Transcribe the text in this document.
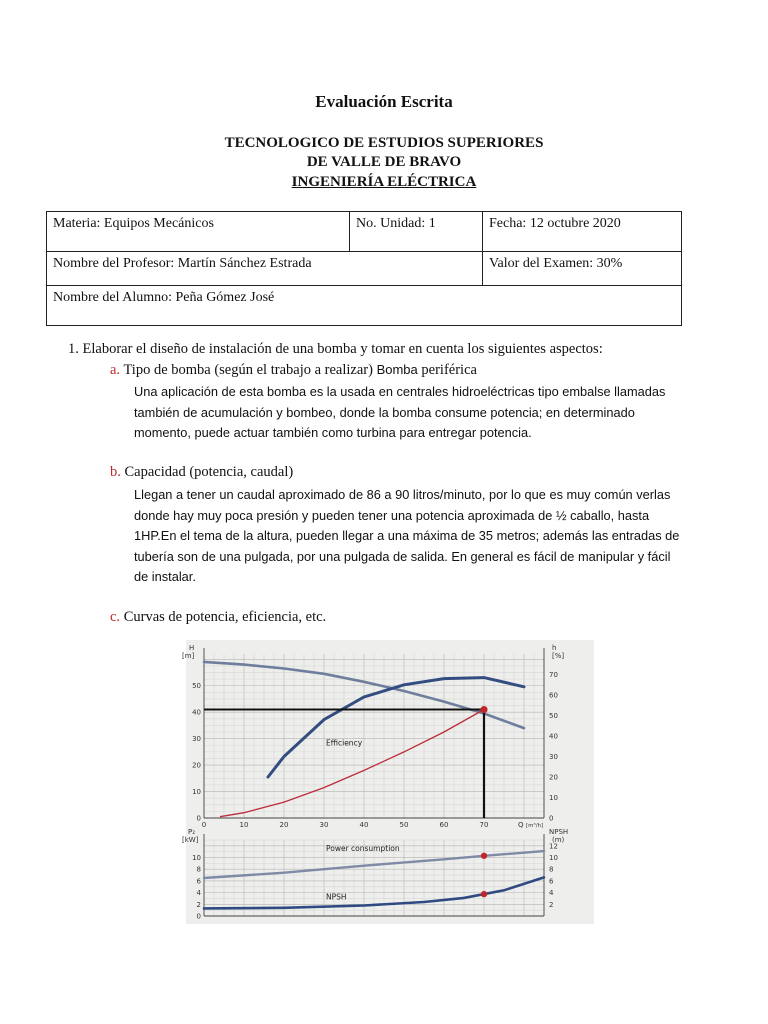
Evaluación Escrita
TECNOLOGICO DE ESTUDIOS SUPERIORES
DE VALLE DE BRAVO
INGENIERÍA ELÉCTRICA
Materia: Equipos Mecánicos	No. Unidad: 1	Fecha: 12 octubre 2020
Nombre del Profesor: Martín Sánchez Estrada		Valor del Examen: 30%
Nombre del Alumno: Peña Gómez José		
1. Elaborar el diseño de instalación de una bomba y tomar en cuenta los siguientes aspectos:
a. Tipo de bomba (según el trabajo a realizar) Bomba periférica
Una aplicación de esta bomba es la usada en centrales hidroeléctricas tipo embalse llamadas
también de acumulación y bombeo, donde la bomba consume potencia; en determinado
momento, puede actuar también como turbina para entregar potencia.
b. Capacidad (potencia, caudal)
Llegan a tener un caudal aproximado de 86 a 90 litros/minuto, por lo que es muy común verlas
donde hay muy poca presión y pueden tener una potencia aproximada de ½ caballo, hasta
1HP.En el tema de la altura, pueden llegar a una máxima de 35 metros; además las entradas de
tubería son de una pulgada, por una pulgada de salida. En general es fácil de manipular y fácil
de instalar.
c. Curvas de potencia, eficiencia, etc.
0	10	20	30	40	50	60	70	Q [m³/h]
0
10
20
30
40
50
0
10
20
30
40
50
60
70
H
[m]
h
[%]
0
2
4
6
8
10
2
4
6
8
10
12
P₂
[kW]
NPSH
(m)
Efficiency
Power consumption
NPSH
